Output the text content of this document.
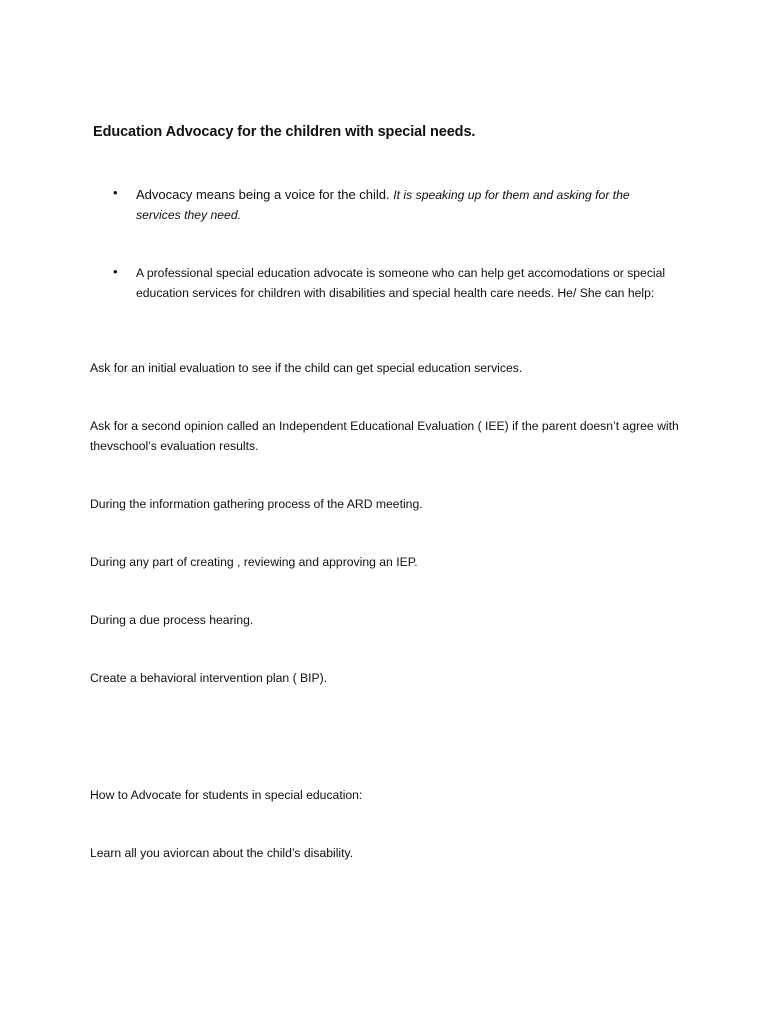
Education Advocacy for the children with special needs.
• Advocacy means being a voice for the child. It is speaking up for them and asking for the services they need.
• A professional special education advocate is someone who can help get accomodations or special education services for children with disabilities and special health care needs. He/ She can help:
Ask for an initial evaluation to see if the child can get special education services.
Ask for a second opinion called an Independent Educational Evaluation ( IEE) if the parent doesn’t agree with thevschool’s evaluation results.
During the information gathering process of the ARD meeting.
During any part of creating , reviewing and approving an IEP.
During a due process hearing.
Create a behavioral intervention plan ( BIP).
How to Advocate for students in special education:
Learn all you aviorcan about the child’s disability.
